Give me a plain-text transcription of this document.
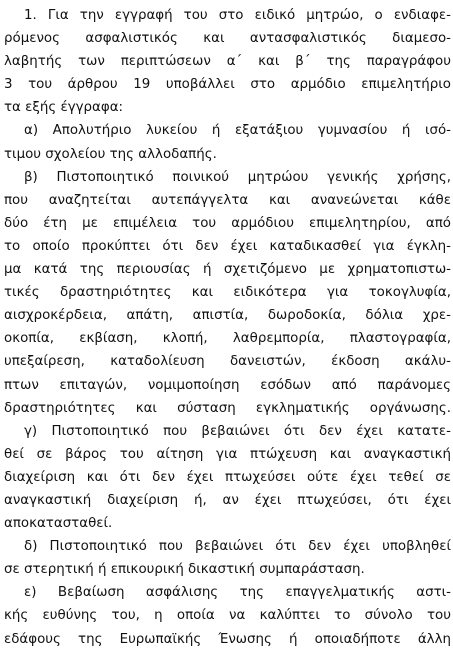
1. Για την εγγραφή του στο ειδικό μητρώο, ο ενδιαφε-
ρόμενος ασφαλιστικός και αντασφαλιστικός διαμεσο-
λαβητής των περιπτώσεων α΄ και β΄ της παραγράφου
3 του άρθρου 19 υποβάλλει στο αρμόδιο επιμελητήριο
τα εξής έγγραφα:
α) Απολυτήριο λυκείου ή εξατάξιου γυμνασίου ή ισό-
τιμου σχολείου της αλλοδαπής.
β) Πιστοποιητικό ποινικού μητρώου γενικής χρήσης,
που αναζητείται αυτεπάγγελτα και ανανεώνεται κάθε
δύο έτη με επιμέλεια του αρμόδιου επιμελητηρίου, από
το οποίο προκύπτει ότι δεν έχει καταδικασθεί για έγκλη-
μα κατά της περιουσίας ή σχετιζόμενο με χρηματοπιστω-
τικές δραστηριότητες και ειδικότερα για τοκογλυφία,
αισχροκέρδεια, απάτη, απιστία, δωροδοκία, δόλια χρε-
οκοπία, εκβίαση, κλοπή, λαθρεμπορία, πλαστογραφία,
υπεξαίρεση, καταδολίευση δανειστών, έκδοση ακάλυ-
πτων επιταγών, νομιμοποίηση εσόδων από παράνομες
δραστηριότητες και σύσταση εγκληματικής οργάνωσης.
γ) Πιστοποιητικό που βεβαιώνει ότι δεν έχει κατατε-
θεί σε βάρος του αίτηση για πτώχευση και αναγκαστική
διαχείριση και ότι δεν έχει πτωχεύσει ούτε έχει τεθεί σε
αναγκαστική διαχείριση ή, αν έχει πτωχεύσει, ότι έχει
αποκατασταθεί.
δ) Πιστοποιητικό που βεβαιώνει ότι δεν έχει υποβληθεί
σε στερητική ή επικουρική δικαστική συμπαράσταση.
ε) Βεβαίωση ασφάλισης της επαγγελματικής αστι-
κής ευθύνης του, η οποία να καλύπτει το σύνολο του
εδάφους της Ευρωπαϊκής Ένωσης ή οποιαδήποτε άλλη
